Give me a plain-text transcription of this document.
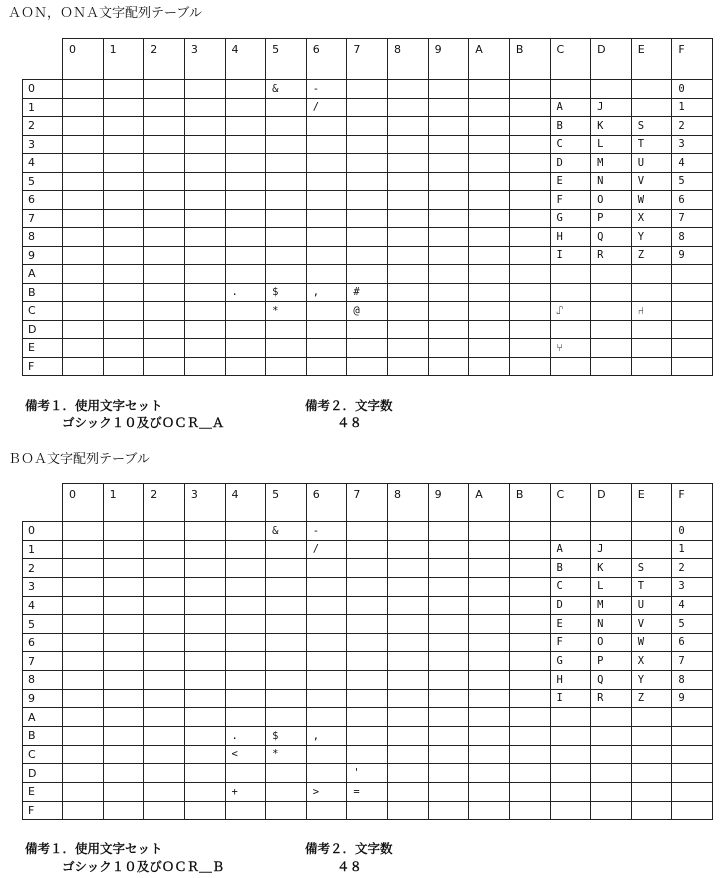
ＡＯＮ，ＯＮＡ文字配列テーブル
	0	1	2	3	4	5	6	7	8	9	A	B	C	D	E	F
0						&	-									0
1							/						A	J		1
2													B	K	S	2
3													C	L	T	3
4													D	M	U	4
5													E	N	V	5
6													F	O	W	6
7													G	P	X	7
8													H	Q	Y	8
9													I	R	Z	9
A																
B					.	$	,	#								
C						*		@					⑀		⑁	
D																
E													⑂			
F																
備考１．使用文字セット
ゴシック１０及びＯＣＲ＿Ａ
備考２．文字数
４８
ＢＯＡ文字配列テーブル
	0	1	2	3	4	5	6	7	8	9	A	B	C	D	E	F
0						&	-									0
1							/						A	J		1
2													B	K	S	2
3													C	L	T	3
4													D	M	U	4
5													E	N	V	5
6													F	O	W	6
7													G	P	X	7
8													H	Q	Y	8
9													I	R	Z	9
A																
B					.	$	,									
C					<	*										
D								'								
E					+		>	=								
F																
備考１．使用文字セット
ゴシック１０及びＯＣＲ＿Ｂ
備考２．文字数
４８
